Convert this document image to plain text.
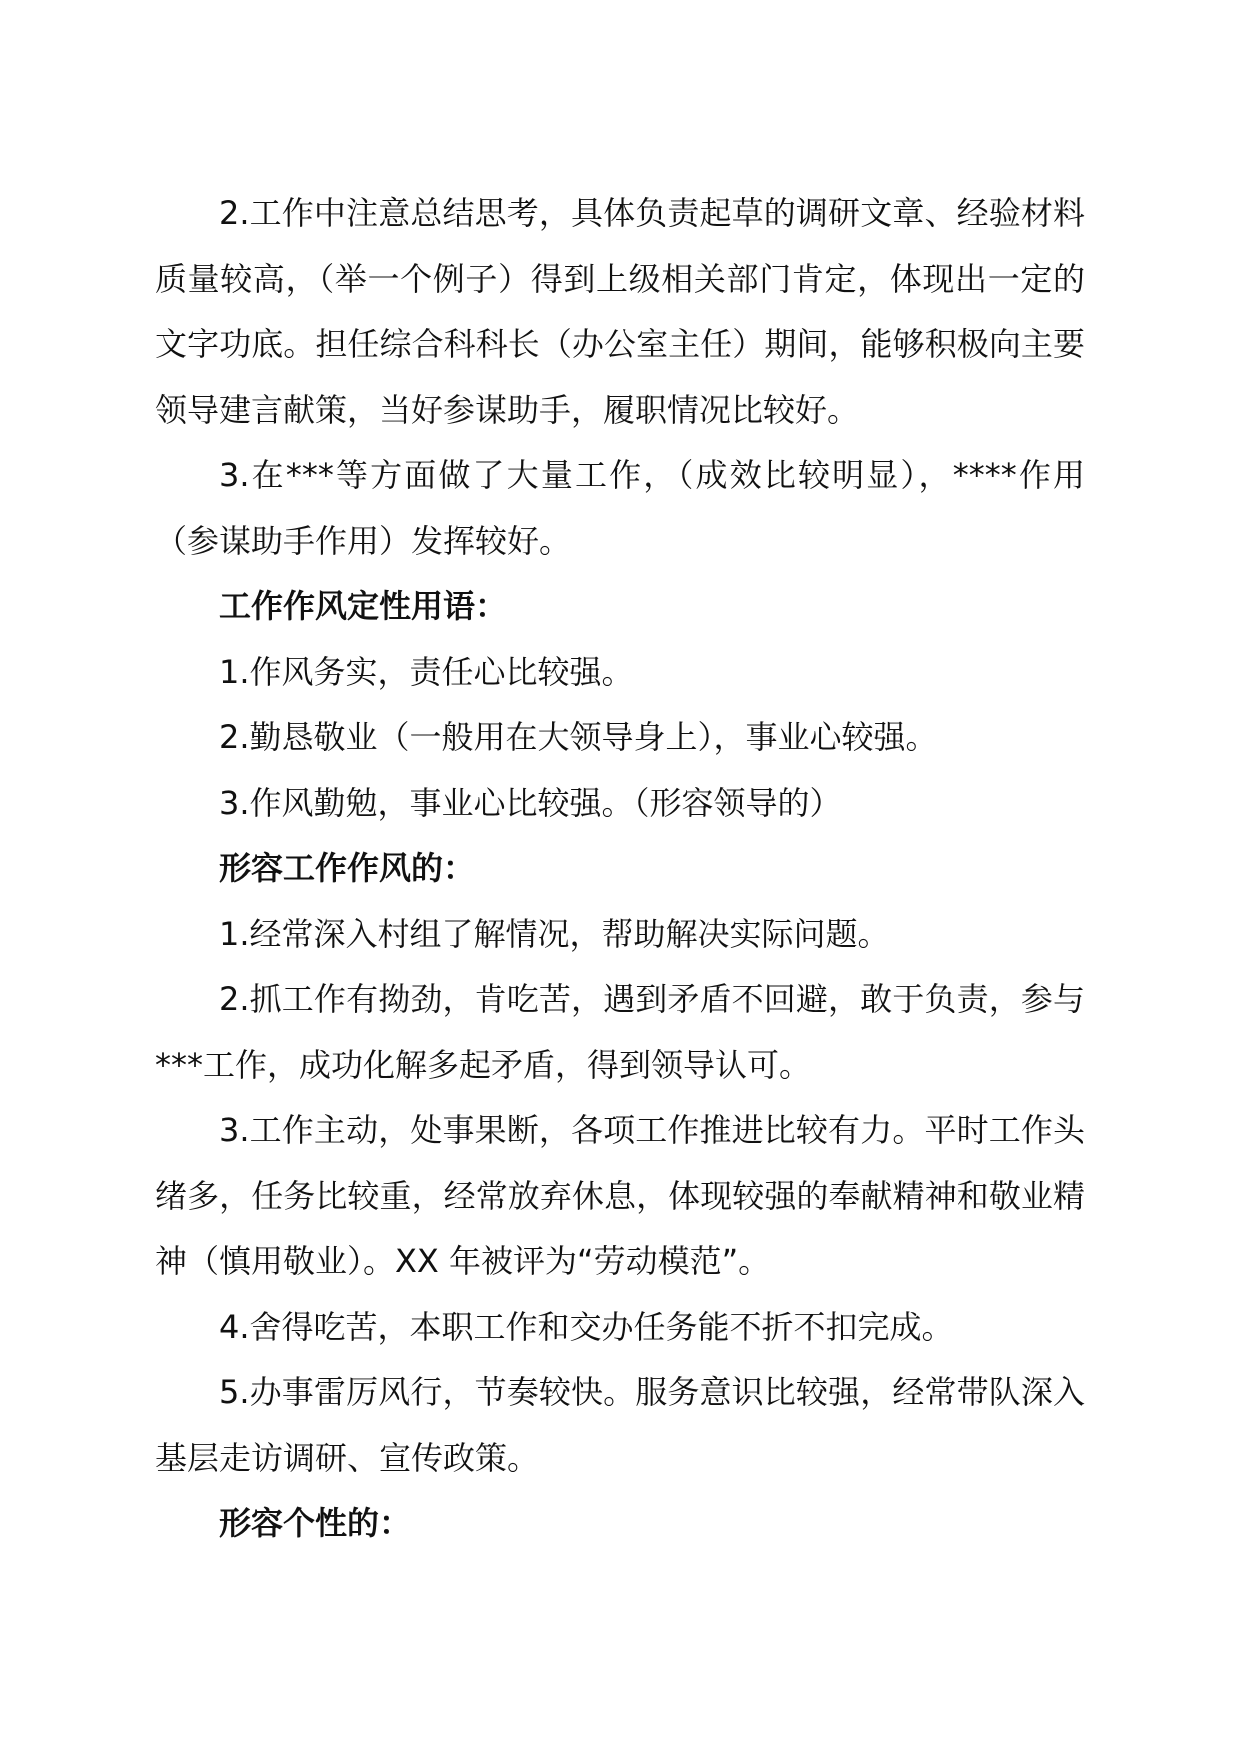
2.工作中注意总结思考，具体负责起草的调研文章、经验材料质量较高，（举一个例子）得到上级相关部门肯定，体现出一定的文字功底。担任综合科科长（办公室主任）期间，能够积极向主要领导建言献策，当好参谋助手，履职情况比较好。

3.在***等方面做了大量工作，（成效比较明显），****作用（参谋助手作用）发挥较好。

工作作风定性用语：

1.作风务实，责任心比较强。

2.勤恳敬业（一般用在大领导身上），事业心较强。

3.作风勤勉，事业心比较强。（形容领导的）

形容工作作风的：

1.经常深入村组了解情况，帮助解决实际问题。

2.抓工作有拗劲，肯吃苦，遇到矛盾不回避，敢于负责，参与***工作，成功化解多起矛盾，得到领导认可。

3.工作主动，处事果断，各项工作推进比较有力。平时工作头绪多，任务比较重，经常放弃休息，体现较强的奉献精神和敬业精神（慎用敬业）。XX 年被评为“劳动模范”。

4.舍得吃苦，本职工作和交办任务能不折不扣完成。

5.办事雷厉风行，节奏较快。服务意识比较强，经常带队深入基层走访调研、宣传政策。

形容个性的：
